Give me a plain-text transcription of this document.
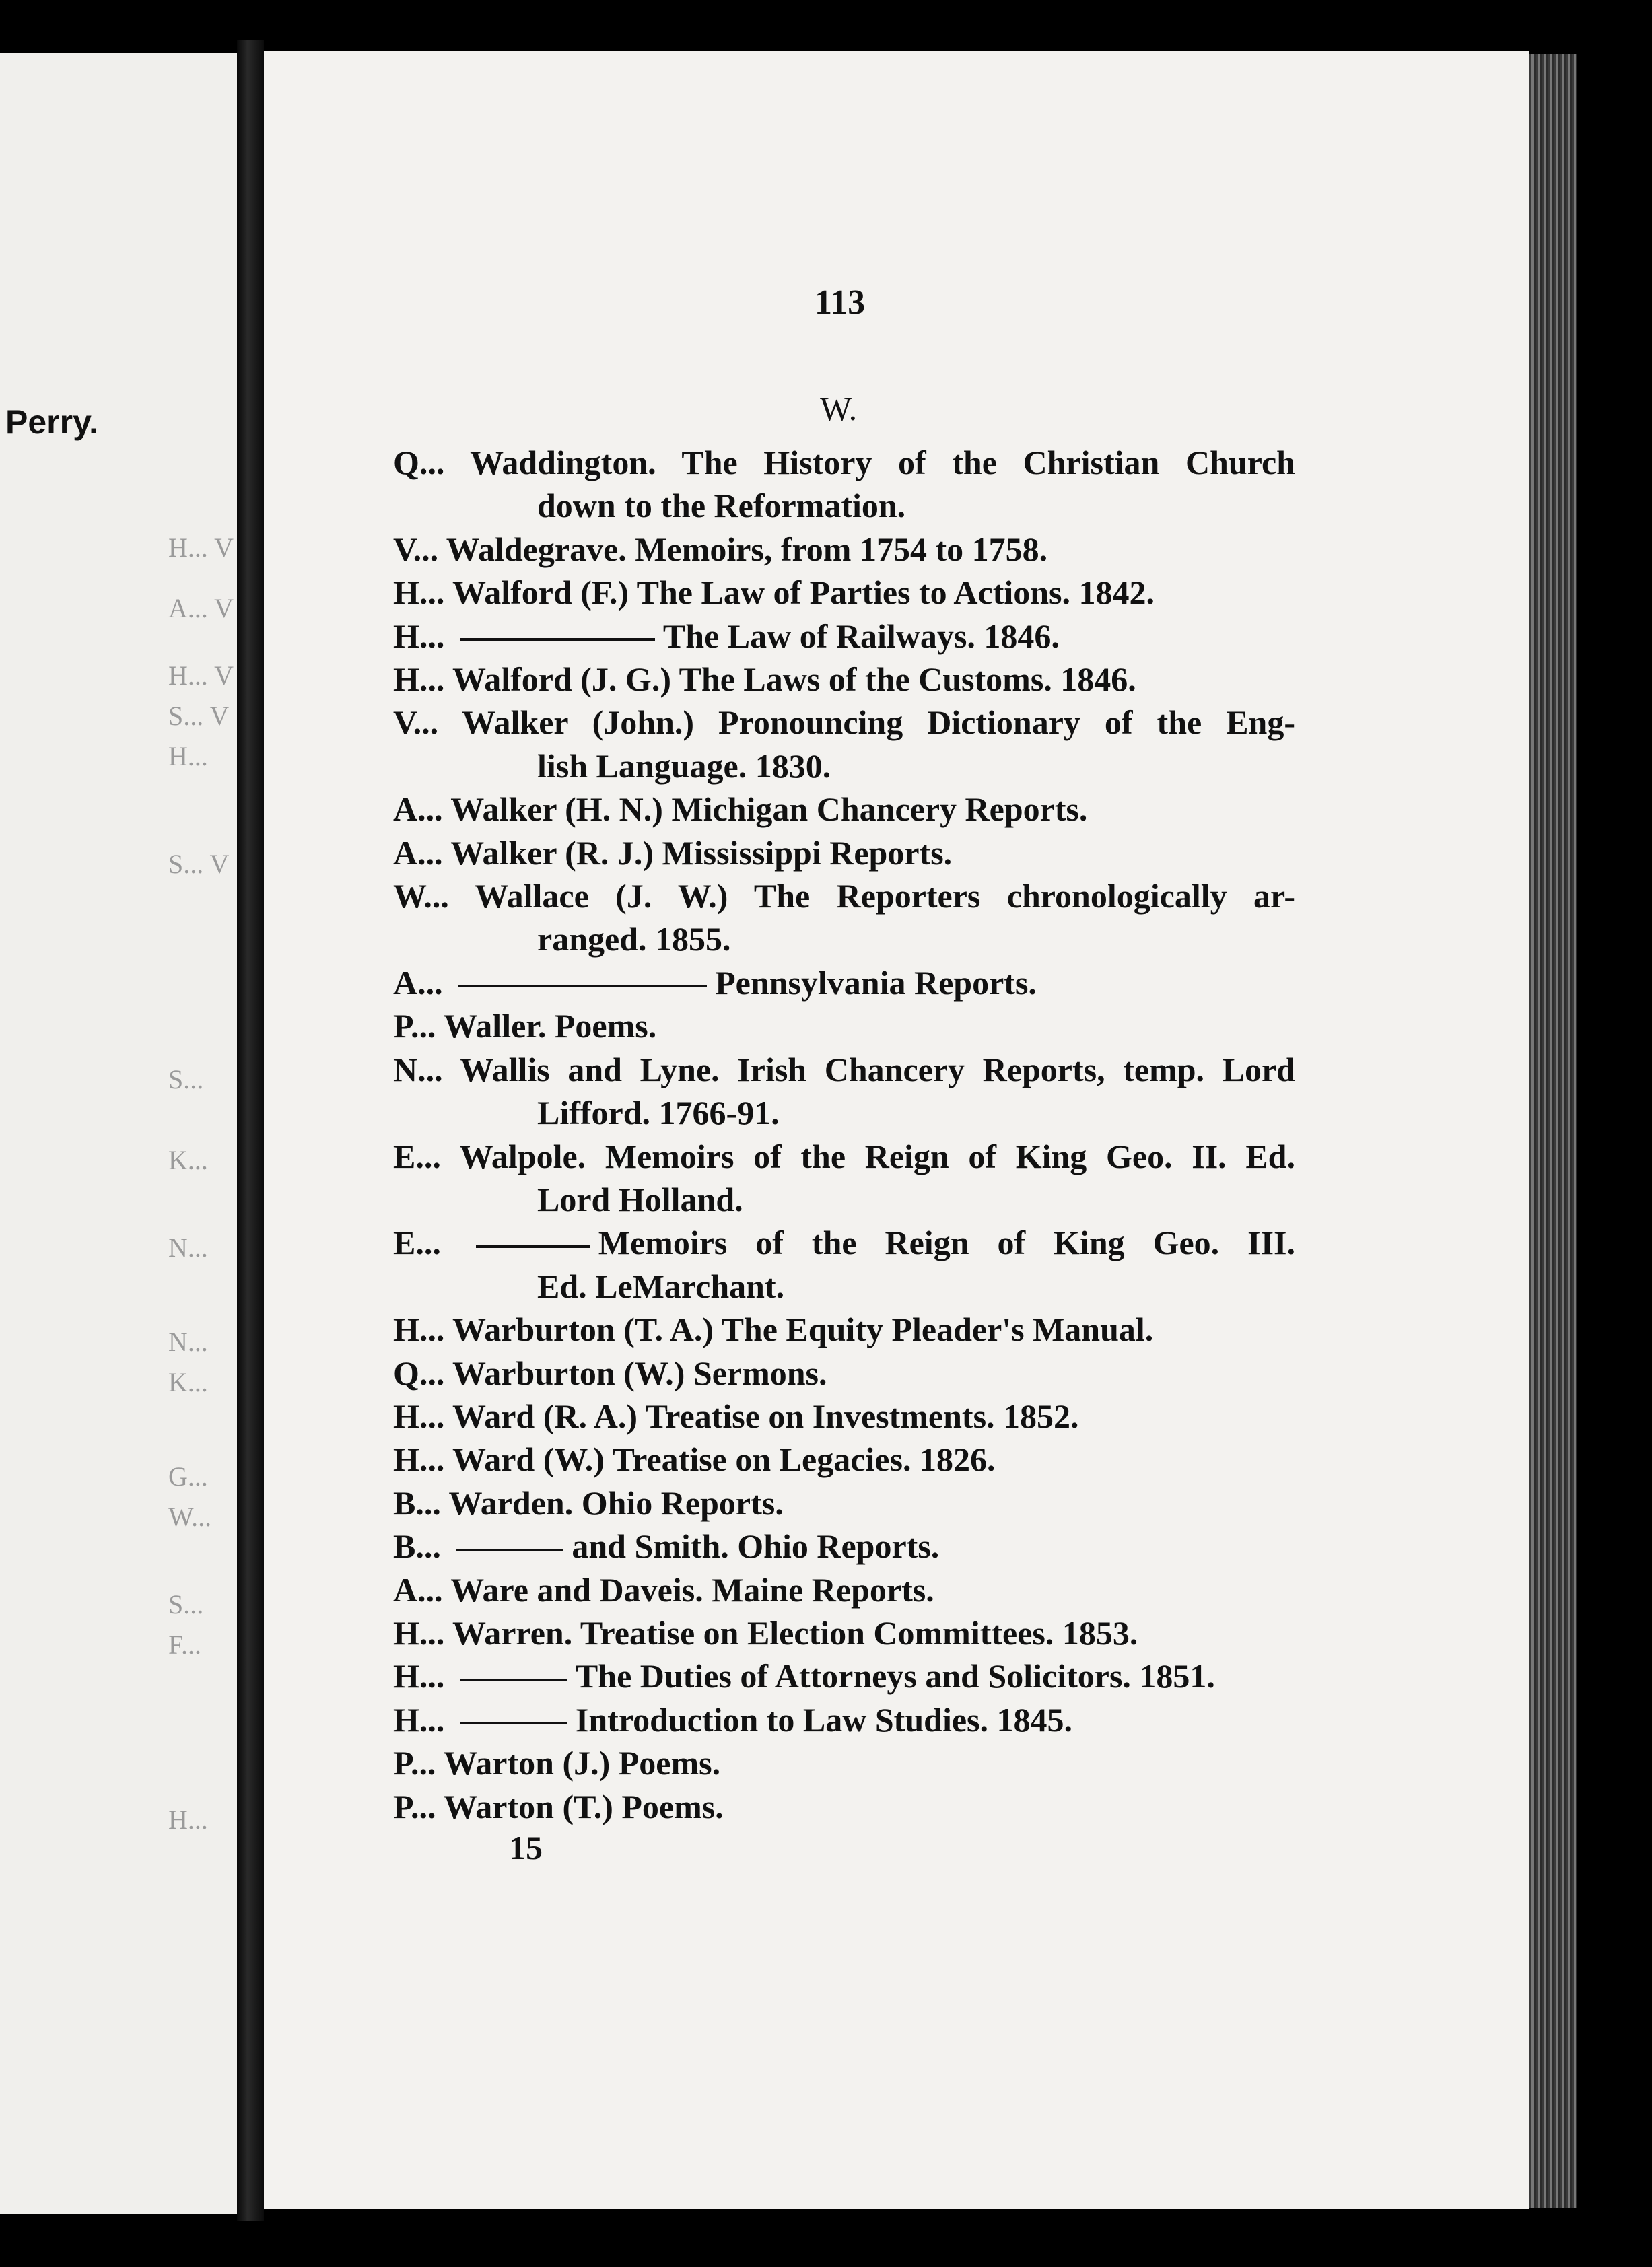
Perry.
H... V
A... V
H... V
S... V
H...
S... V
S...
K...
N...
N...
K...
G...
W...
S...
F...
H...
113
W.
Q... Waddington. The History of the Christian Church
down to the Reformation.
V... Waldegrave. Memoirs, from 1754 to 1758.
H... Walford (F.) The Law of Parties to Actions. 1842.
H...	The Law of Railways. 1846.
H... Walford (J. G.) The Laws of the Customs. 1846.
V... Walker (John.) Pronouncing Dictionary of the Eng-
lish Language. 1830.
A... Walker (H. N.) Michigan Chancery Reports.
A... Walker (R. J.) Mississippi Reports.
W... Wallace (J. W.) The Reporters chronologically ar-
ranged. 1855.
A...	Pennsylvania Reports.
P... Waller. Poems.
N... Wallis and Lyne. Irish Chancery Reports, temp. Lord
Lifford. 1766-91.
E... Walpole. Memoirs of the Reign of King Geo. II. Ed.
Lord Holland.
E...	Memoirs of the Reign of King Geo. III.
Ed. LeMarchant.
H... Warburton (T. A.) The Equity Pleader's Manual.
Q... Warburton (W.) Sermons.
H... Ward (R. A.) Treatise on Investments. 1852.
H... Ward (W.) Treatise on Legacies. 1826.
B... Warden. Ohio Reports.
B...	and Smith. Ohio Reports.
A... Ware and Daveis. Maine Reports.
H... Warren. Treatise on Election Committees. 1853.
H...	The Duties of Attorneys and Solicitors. 1851.
H...	Introduction to Law Studies. 1845.
P... Warton (J.) Poems.
P... Warton (T.) Poems.
15
